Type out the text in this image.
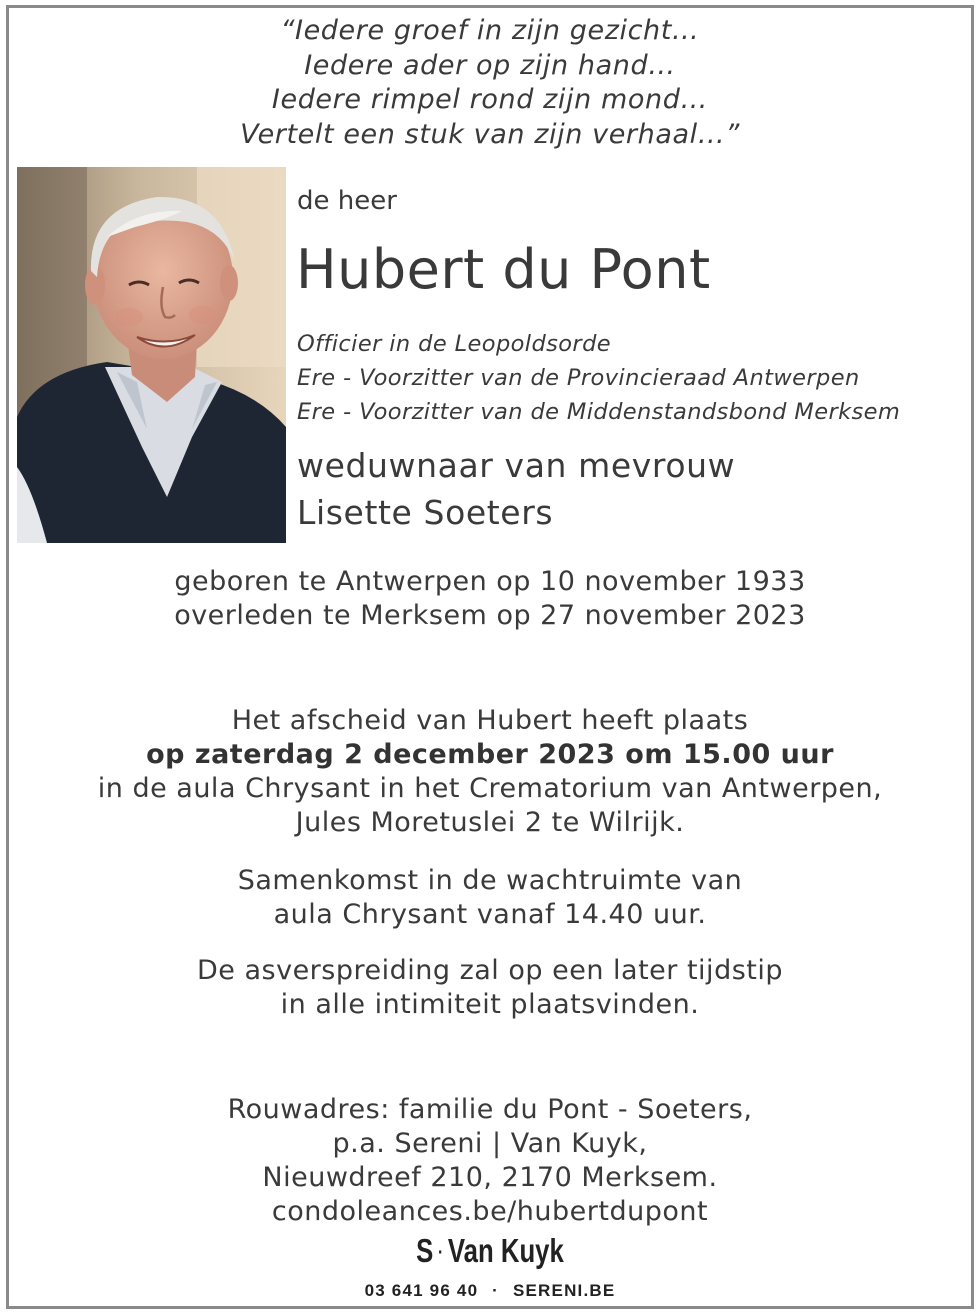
“Iedere groef in zijn gezicht…
Iedere ader op zijn hand…
Iedere rimpel rond zijn mond…
Vertelt een stuk van zijn verhaal…”
de heer
Hubert du Pont
Officier in de Leopoldsorde
Ere - Voorzitter van de Provincieraad Antwerpen
Ere - Voorzitter van de Middenstandsbond Merksem
weduwnaar van mevrouw
Lisette Soeters
geboren te Antwerpen op 10 november 1933
overleden te Merksem op 27 november 2023
Het afscheid van Hubert heeft plaats
op zaterdag 2 december 2023 om 15.00 uur
in de aula Chrysant in het Crematorium van Antwerpen,
Jules Moretuslei 2 te Wilrijk.
Samenkomst in de wachtruimte van
aula Chrysant vanaf 14.40 uur.
De asverspreiding zal op een later tijdstip
in alle intimiteit plaatsvinden.
Rouwadres: familie du Pont - Soeters,
p.a. Sereni | Van Kuyk,
Nieuwdreef 210, 2170 Merksem.
condoleances.be/hubertdupont
S · Van Kuyk
03 641 96 40 · SERENI.BE
